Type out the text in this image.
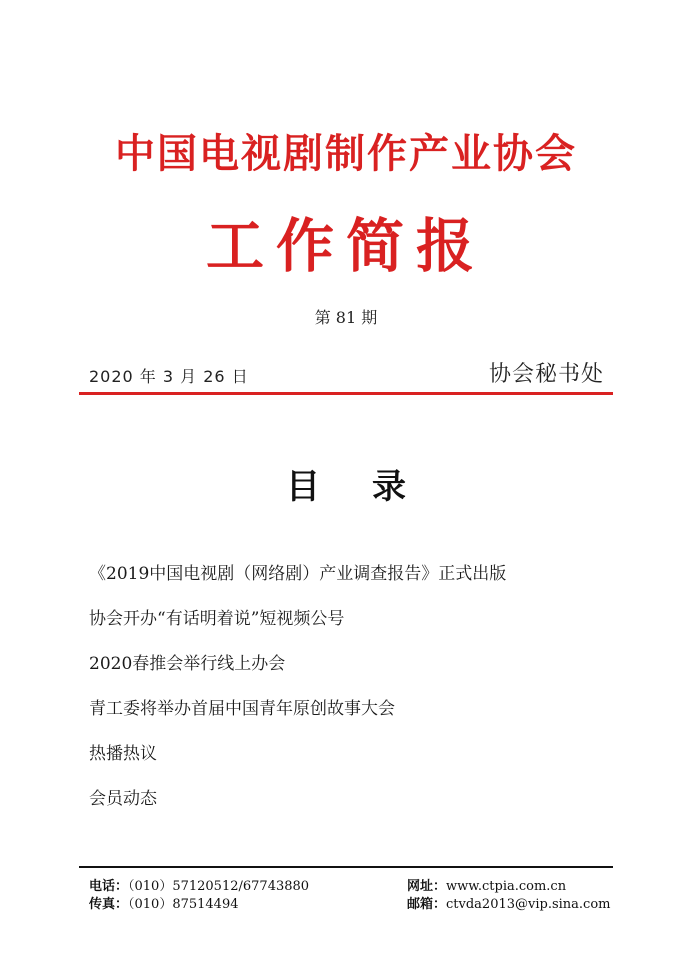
中国电视剧制作产业协会
工作简报
第 81 期
2020 年 3 月 26 日	协会秘书处
目 录
《2019中国电视剧（网络剧）产业调查报告》正式出版
协会开办“有话明着说”短视频公号
2020春推会举行线上办会
青工委将举办首届中国青年原创故事大会
热播热议
会员动态
电话：（010）57120512/67743880
传真：（010）87514494
网址：www.ctpia.com.cn
邮箱：ctvda2013@vip.sina.com
